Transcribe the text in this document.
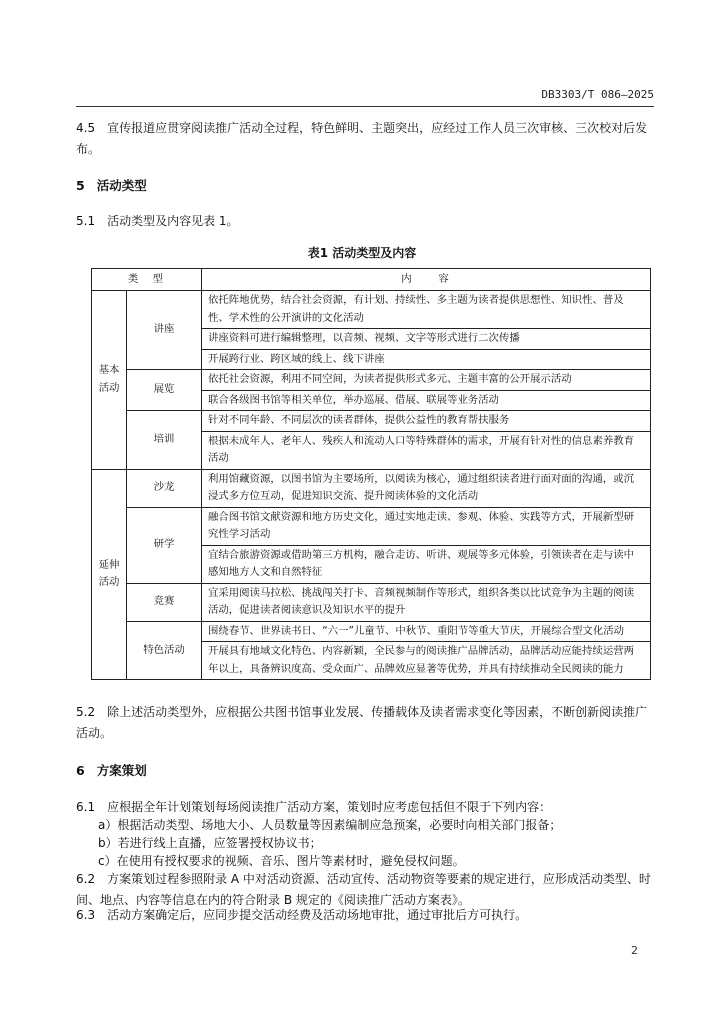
DB3303/T 086—2025
4.5 宣传报道应贯穿阅读推广活动全过程，特色鲜明、主题突出，应经过工作人员三次审核、三次校对后发布。
5 活动类型
5.1 活动类型及内容见表 1。
表1 活动类型及内容
类　型		内　　容
基本活动	讲座	依托阵地优势，结合社会资源，有计划、持续性、多主题为读者提供思想性、知识性、普及性、学术性的公开演讲的文化活动
		讲座资料可进行编辑整理，以音频、视频、文字等形式进行二次传播
		开展跨行业、跨区域的线上、线下讲座
	展览	依托社会资源，利用不同空间，为读者提供形式多元、主题丰富的公开展示活动
		联合各级图书馆等相关单位，举办巡展、借展、联展等业务活动
	培训	针对不同年龄、不同层次的读者群体，提供公益性的教育帮扶服务
		根据未成年人、老年人、残疾人和流动人口等特殊群体的需求，开展有针对性的信息素养教育活动
延伸活动	沙龙	利用馆藏资源，以图书馆为主要场所，以阅读为核心，通过组织读者进行面对面的沟通，或沉浸式多方位互动，促进知识交流、提升阅读体验的文化活动
	研学	融合图书馆文献资源和地方历史文化，通过实地走读、参观、体验、实践等方式，开展新型研究性学习活动
		宜结合旅游资源或借助第三方机构，融合走访、听讲、观展等多元体验，引领读者在走与读中感知地方人文和自然特征
	竞赛	宜采用阅读马拉松、挑战闯关打卡、音频视频制作等形式，组织各类以比试竞争为主题的阅读活动，促进读者阅读意识及知识水平的提升
	特色活动	围绕春节、世界读书日、“六一”儿童节、中秋节、重阳节等重大节庆，开展综合型文化活动
		开展具有地域文化特色、内容新颖，全民参与的阅读推广品牌活动，品牌活动应能持续运营两年以上，具备辨识度高、受众面广、品牌效应显著等优势，并具有持续推动全民阅读的能力
5.2 除上述活动类型外，应根据公共图书馆事业发展、传播载体及读者需求变化等因素，不断创新阅读推广活动。
6 方案策划
6.1 应根据全年计划策划每场阅读推广活动方案，策划时应考虑包括但不限于下列内容：
a）根据活动类型、场地大小、人员数量等因素编制应急预案，必要时向相关部门报备；
b）若进行线上直播，应签署授权协议书；
c）在使用有授权要求的视频、音乐、图片等素材时，避免侵权问题。
6.2 方案策划过程参照附录 A 中对活动资源、活动宣传、活动物资等要素的规定进行，应形成活动类型、时间、地点、内容等信息在内的符合附录 B 规定的《阅读推广活动方案表》。
6.3 活动方案确定后，应同步提交活动经费及活动场地审批，通过审批后方可执行。
2
